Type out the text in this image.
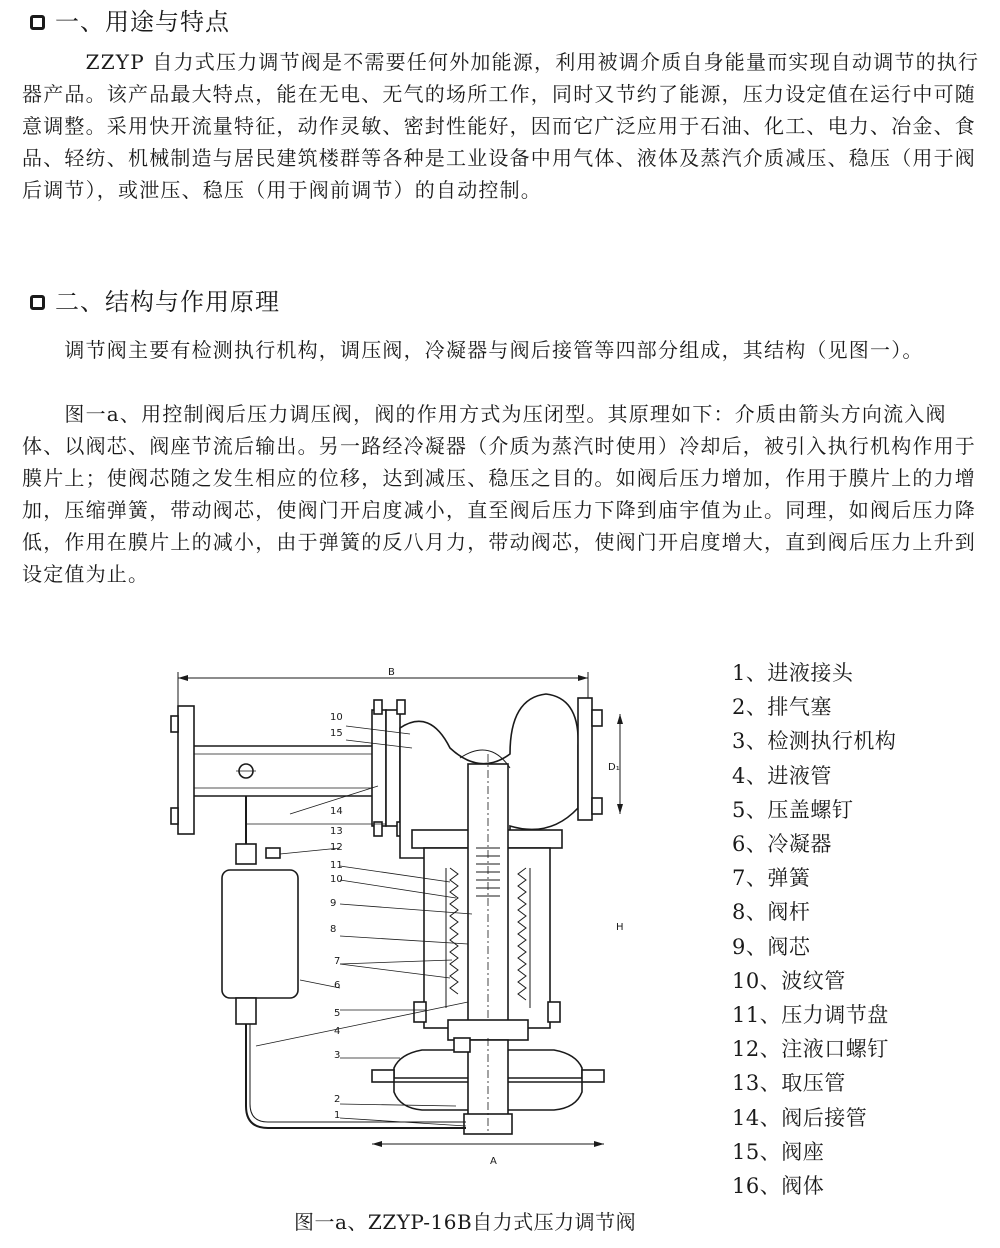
一、用途与特点

　　　ZZYP 自力式压力调节阀是不需要任何外加能源，利用被调介质自身能量而实现自动调节的执行器产品。该产品最大特点，能在无电、无气的场所工作，同时又节约了能源，压力设定值在运行中可随意调整。采用快开流量特征，动作灵敏、密封性能好，因而它广泛应用于石油、化工、电力、冶金、食品、轻纺、机械制造与居民建筑楼群等各种是工业设备中用气体、液体及蒸汽介质减压、稳压（用于阀后调节），或泄压、稳压（用于阀前调节）的自动控制。

二、结构与作用原理

　　调节阀主要有检测执行机构，调压阀，冷凝器与阀后接管等四部分组成，其结构（见图一）。

　　图一a、用控制阀后压力调压阀，阀的作用方式为压闭型。其原理如下：介质由箭头方向流入阀体、以阀芯、阀座节流后输出。另一路经冷凝器（介质为蒸汽时使用）冷却后，被引入执行机构作用于膜片上；使阀芯随之发生相应的位移，达到减压、稳压之目的。如阀后压力增加，作用于膜片上的力增加，压缩弹簧，带动阀芯，使阀门开启度减小，直至阀后压力下降到庙宇值为止。同理，如阀后压力降低，作用在膜片上的减小，由于弹簧的反八月力，带动阀芯，使阀门开启度增大，直到阀后压力上升到设定值为止。

B
D₁
H
A
10
15
14
13
12
11
10
9
8
7
6
5
4
3
2
1
1、进液接头
2、排气塞
3、检测执行机构
4、进液管
5、压盖螺钉
6、冷凝器
7、弹簧
8、阀杆
9、阀芯
10、波纹管
11、压力调节盘
12、注液口螺钉
13、取压管
14、阀后接管
15、阀座
16、阀体
图一a、ZZYP-16B自力式压力调节阀
